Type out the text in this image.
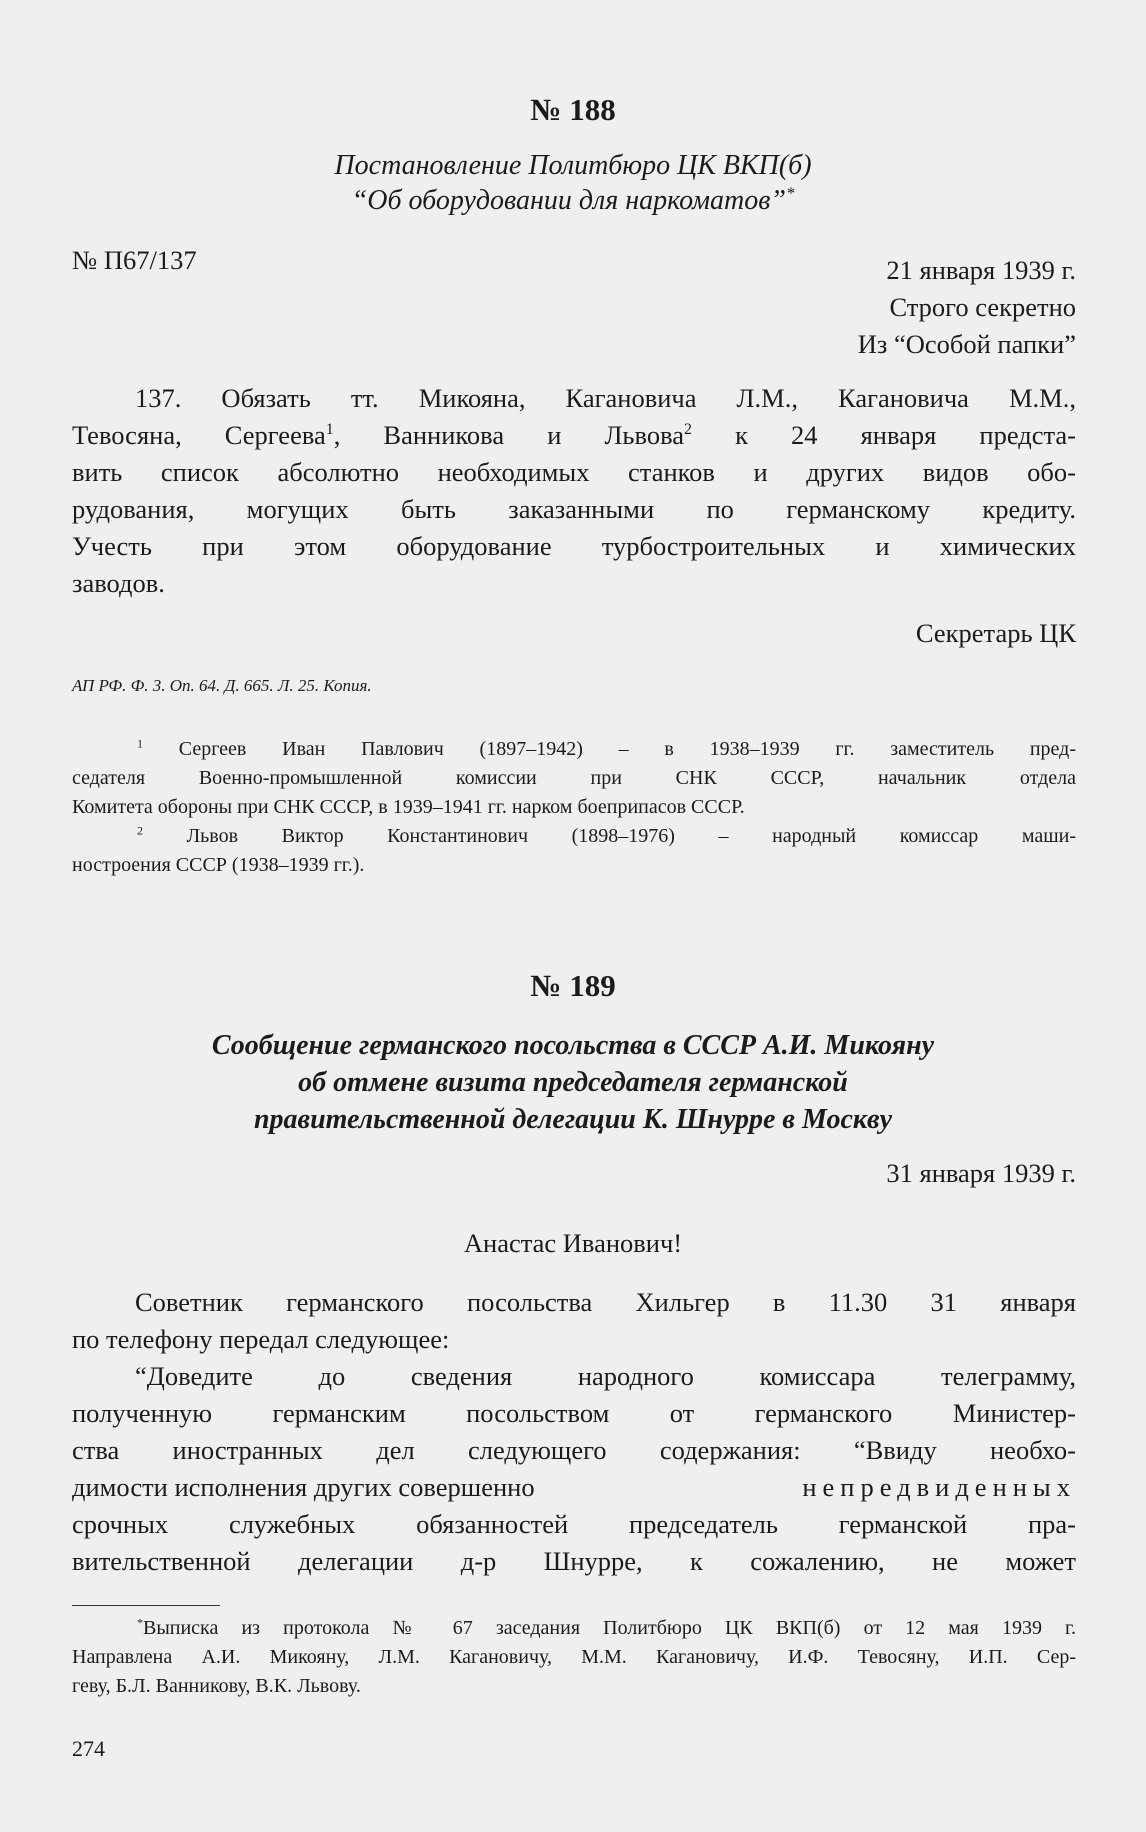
№ 188
Постановление Политбюро ЦК ВКП(б)
“Об оборудовании для наркоматов”*
№ П67/137	21 января 1939 г.
Строго секретно
Из “Особой папки”
137. Обязать тт. Микояна, Кагановича Л.М., Кагановича М.М.,
Тевосяна, Сергеева$^1$, Ванникова и Львова$^2$ к 24 января предста-
вить список абсолютно необходимых станков и других видов обо-
рудования, могущих быть заказанными по германскому кредиту.
Учесть при этом оборудование турбостроительных и химических
заводов.
Секретарь ЦК
АП РФ. Ф. 3. Оп. 64. Д. 665. Л. 25. Копия.
$^1$ Сергеев Иван Павлович (1897–1942) – в 1938–1939 гг. заместитель пред-
седателя Военно-промышленной комиссии при СНК СССР, начальник отдела
Комитета обороны при СНК СССР, в 1939–1941 гг. нарком боеприпасов СССР.
$^2$ Львов Виктор Константинович (1898–1976) – народный комиссар маши-
ностроения СССР (1938–1939 гг.).
№ 189
Сообщение германского посольства в СССР А.И. Микояну
об отмене визита председателя германской
правительственной делегации К. Шнурре в Москву
31 января 1939 г.
Анастас Иванович!
Советник германского посольства Хильгер в 11.30 31 января
по телефону передал следующее:
“Доведите до сведения народного комиссара телеграмму,
полученную германским посольством от германского Министер-
ства иностранных дел следующего содержания: “Ввиду необхо-
димости исполнения других совершенно	непредвиденных
срочных служебных обязанностей председатель германской пра-
вительственной делегации д-р Шнурре, к сожалению, не может
*Выписка из протокола № 67 заседания Политбюро ЦК ВКП(б) от 12 мая 1939 г.
Направлена А.И. Микояну, Л.М. Кагановичу, М.М. Кагановичу, И.Ф. Тевосяну, И.П. Сер-
геву, Б.Л. Ванникову, В.К. Львову.
274
